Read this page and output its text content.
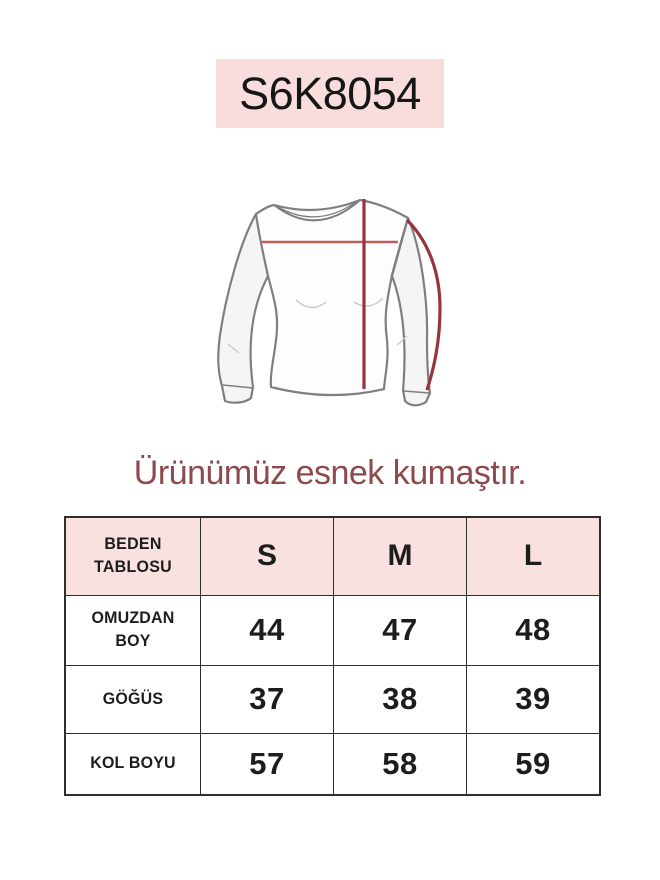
S6K8054
Ürünümüz esnek kumaştır.
BEDEN TABLOSU	S	M	L
OMUZDAN BOY	44	47	48
GÖĞÜS	37	38	39
KOL BOYU	57	58	59
